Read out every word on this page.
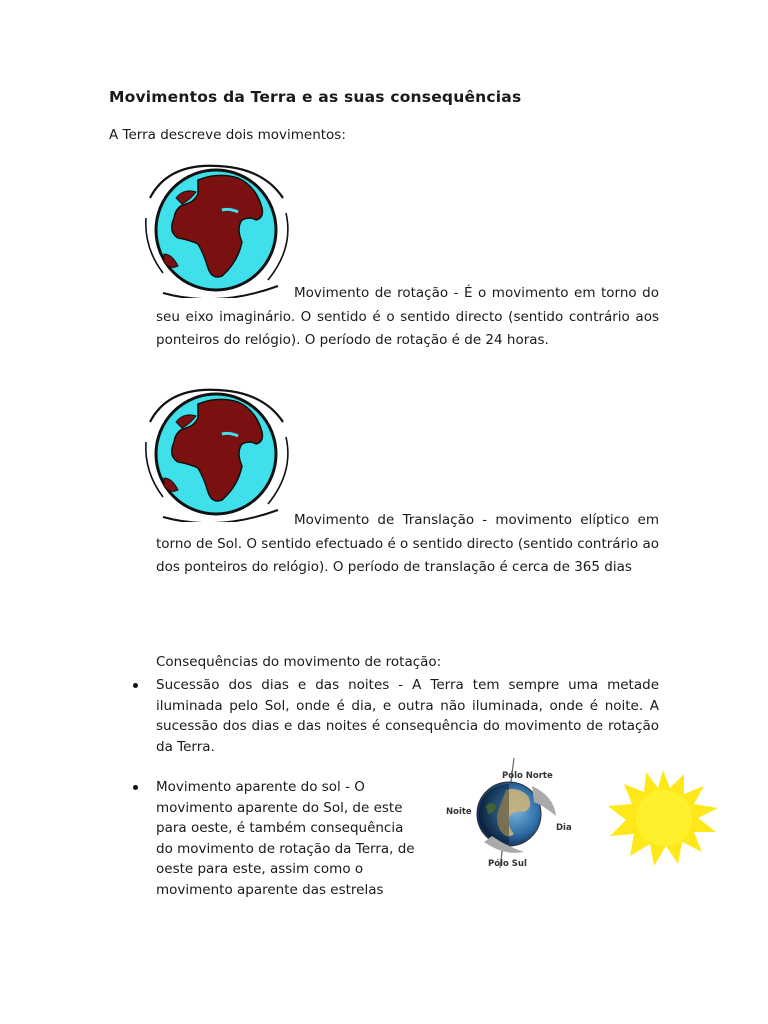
Movimentos da Terra e as suas consequências
A Terra descreve dois movimentos:
Movimento de rotação - É o movimento em torno do seu eixo imaginário. O sentido é o sentido directo (sentido contrário aos ponteiros do relógio). O período de rotação é de 24 horas.
Movimento de Translação - movimento elíptico em torno de Sol. O sentido efectuado é o sentido directo (sentido contrário ao dos ponteiros do relógio). O período de translação é cerca de 365 dias
Consequências do movimento de rotação:
Sucessão dos dias e das noites - A Terra tem sempre uma metade iluminada pelo Sol, onde é dia, e outra não iluminada, onde é noite. A sucessão dos dias e das noites é consequência do movimento de rotação da Terra.
Movimento aparente do sol - O movimento aparente do Sol, de este para oeste, é também consequência do movimento de rotação da Terra, de oeste para este, assim como o movimento aparente das estrelas
Pólo Norte
Noite
Dia
Pólo Sul
